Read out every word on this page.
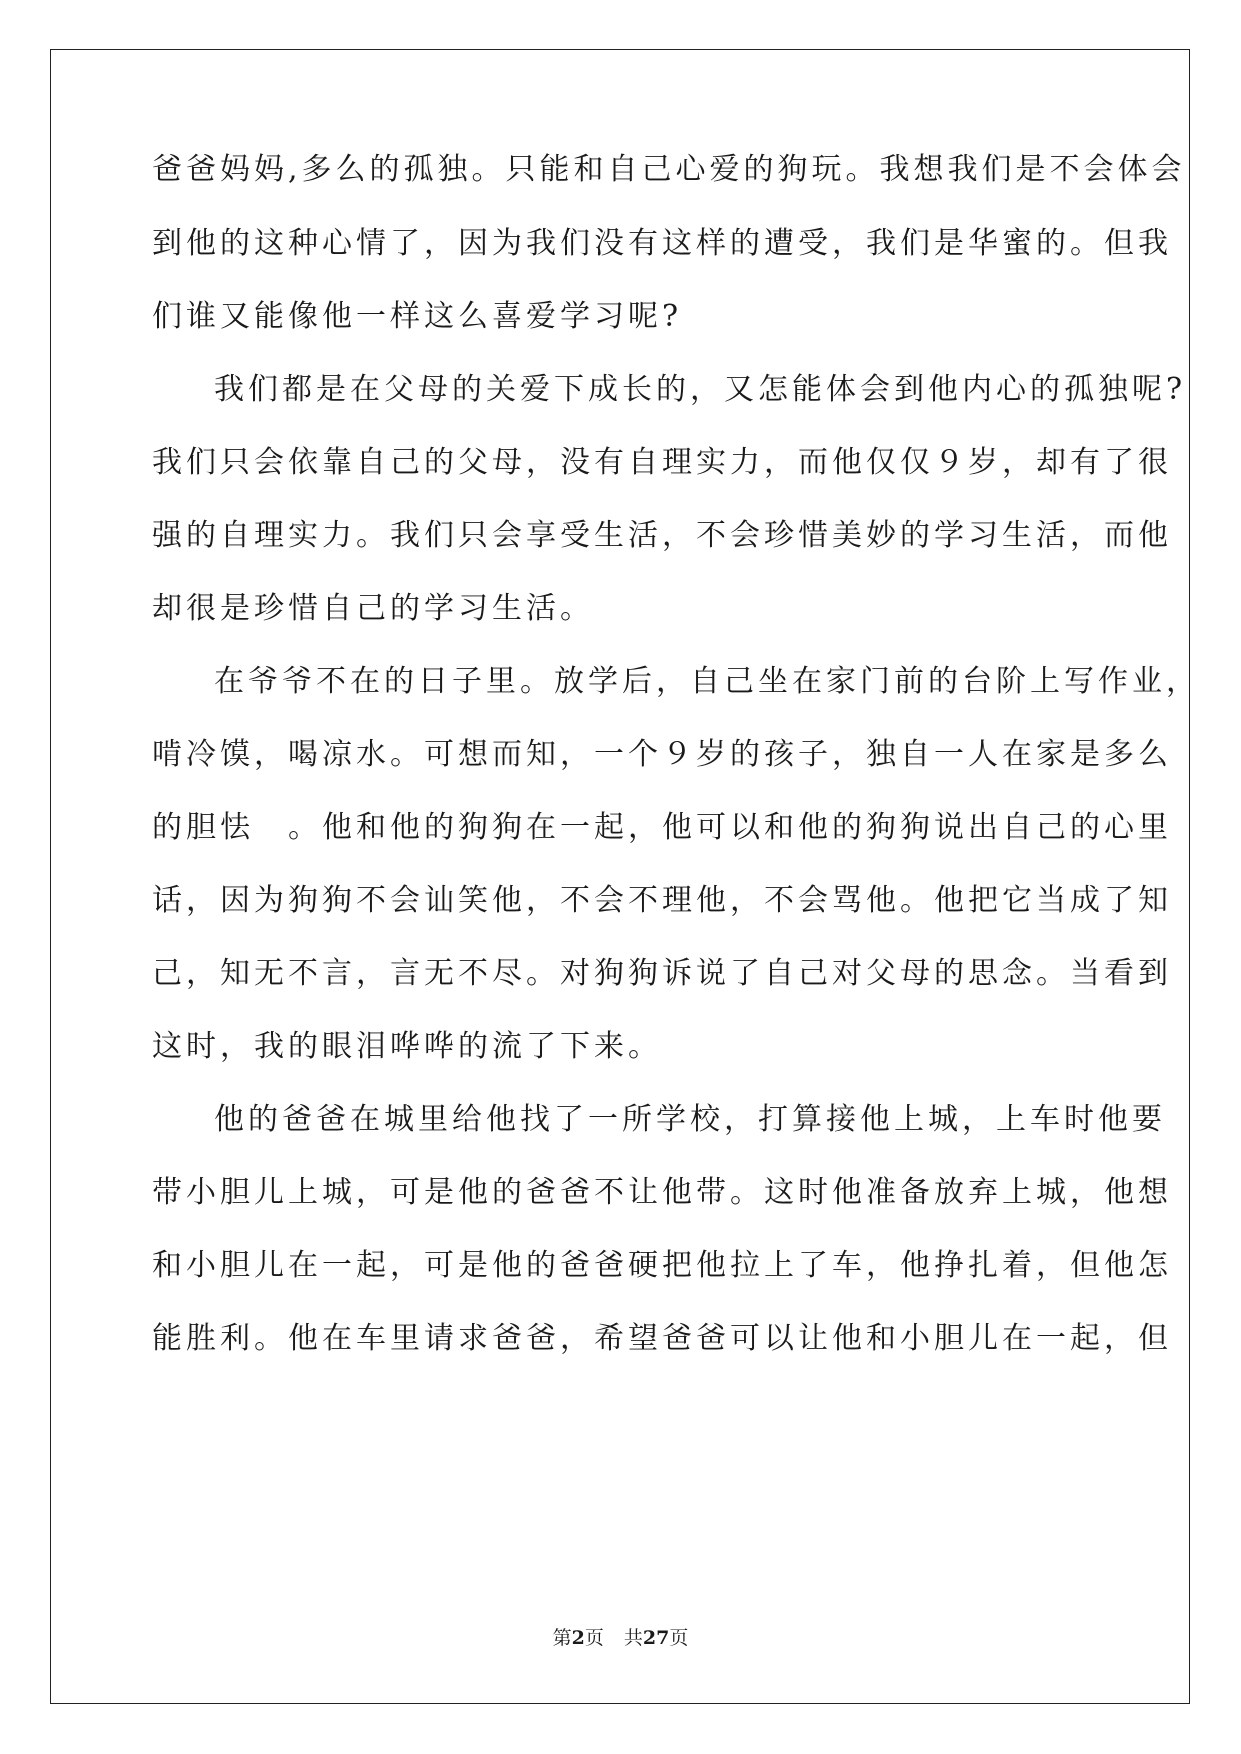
爸爸妈妈,多么的孤独。只能和自己心爱的狗玩。我想我们是不会体会
到他的这种心情了，因为我们没有这样的遭受，我们是华蜜的。但我
们谁又能像他一样这么喜爱学习呢?
我们都是在父母的关爱下成长的，又怎能体会到他内心的孤独呢?
我们只会依靠自己的父母，没有自理实力，而他仅仅９岁，却有了很
强的自理实力。我们只会享受生活，不会珍惜美妙的学习生活，而他
却很是珍惜自己的学习生活。
在爷爷不在的日子里。放学后，自己坐在家门前的台阶上写作业，
啃冷馍，喝凉水。可想而知，一个９岁的孩子，独自一人在家是多么
的胆怯　。他和他的狗狗在一起，他可以和他的狗狗说出自己的心里
话，因为狗狗不会讪笑他，不会不理他，不会骂他。他把它当成了知
己，知无不言，言无不尽。对狗狗诉说了自己对父母的思念。当看到
这时，我的眼泪哗哗的流了下来。
他的爸爸在城里给他找了一所学校，打算接他上城，上车时他要
带小胆儿上城，可是他的爸爸不让他带。这时他准备放弃上城，他想
和小胆儿在一起，可是他的爸爸硬把他拉上了车，他挣扎着，但他怎
能胜利。他在车里请求爸爸，希望爸爸可以让他和小胆儿在一起，但
第2页 共27页
